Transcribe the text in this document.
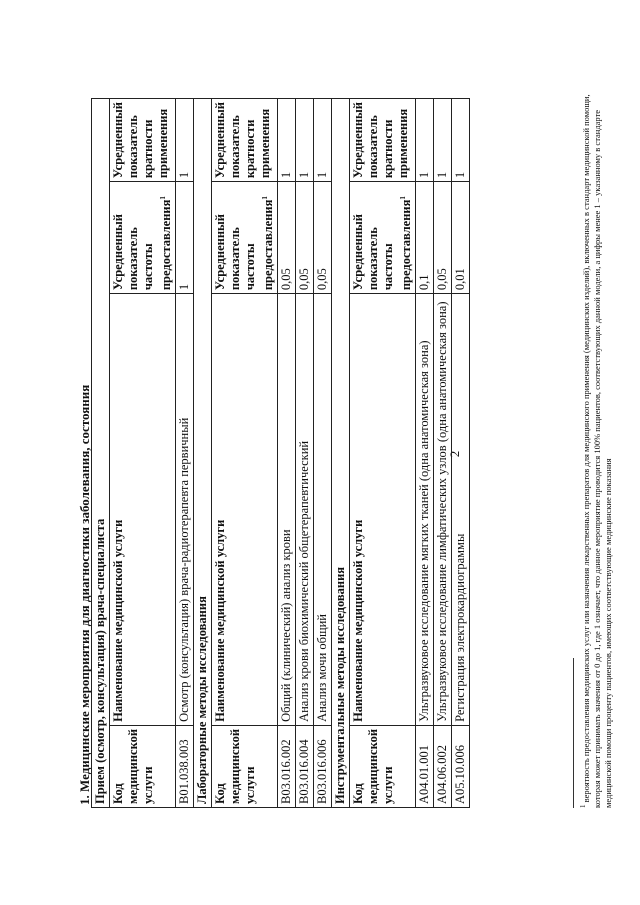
2
1. Медицинские мероприятия для диагностики заболевания, состояния Прием (осмотр, консультация) врача-специалиста			
Код медицинской услуги	Наименование медицинской услуги	Усредненный показатель частоты предоставления$^1$	Усредненный показатель кратности применения
B01.038.003	Осмотр (консультация) врача-радиотерапевта первичный	1	1
Лабораторные методы исследования			
Код медицинской услуги	Наименование медицинской услуги	Усредненный показатель частоты предоставления$^1$	Усредненный показатель кратности применения
B03.016.002	Общий (клинический) анализ крови	0,05	1
B03.016.004	Анализ крови биохимический общетерапевтический	0,05	1
B03.016.006	Анализ мочи общий	0,05	1
Инструментальные методы исследования			
Код медицинской услуги	Наименование медицинской услуги	Усредненный показатель частоты предоставления$^1$	Усредненный показатель кратности применения
A04.01.001	Ультразвуковое исследование мягких тканей (одна анатомическая зона)	0,1	1
A04.06.002	Ультразвуковое исследование лимфатических узлов (одна анатомическая зона)	0,05	1
A05.10.006	Регистрация электрокардиограммы	0,01	1
$^1$ вероятность предоставления медицинских услуг или назначения лекарственных препаратов для медицинского применения (медицинских изделий), включенных в стандарт медицинской помощи, которая может принимать значения от 0 до 1, где 1 означает, что данное мероприятие проводится 100% пациентов, соответствующих данной модели, а цифры менее 1 – указанному в стандарте медицинской помощи проценту пациентов, имеющих соответствующие медицинские показания
